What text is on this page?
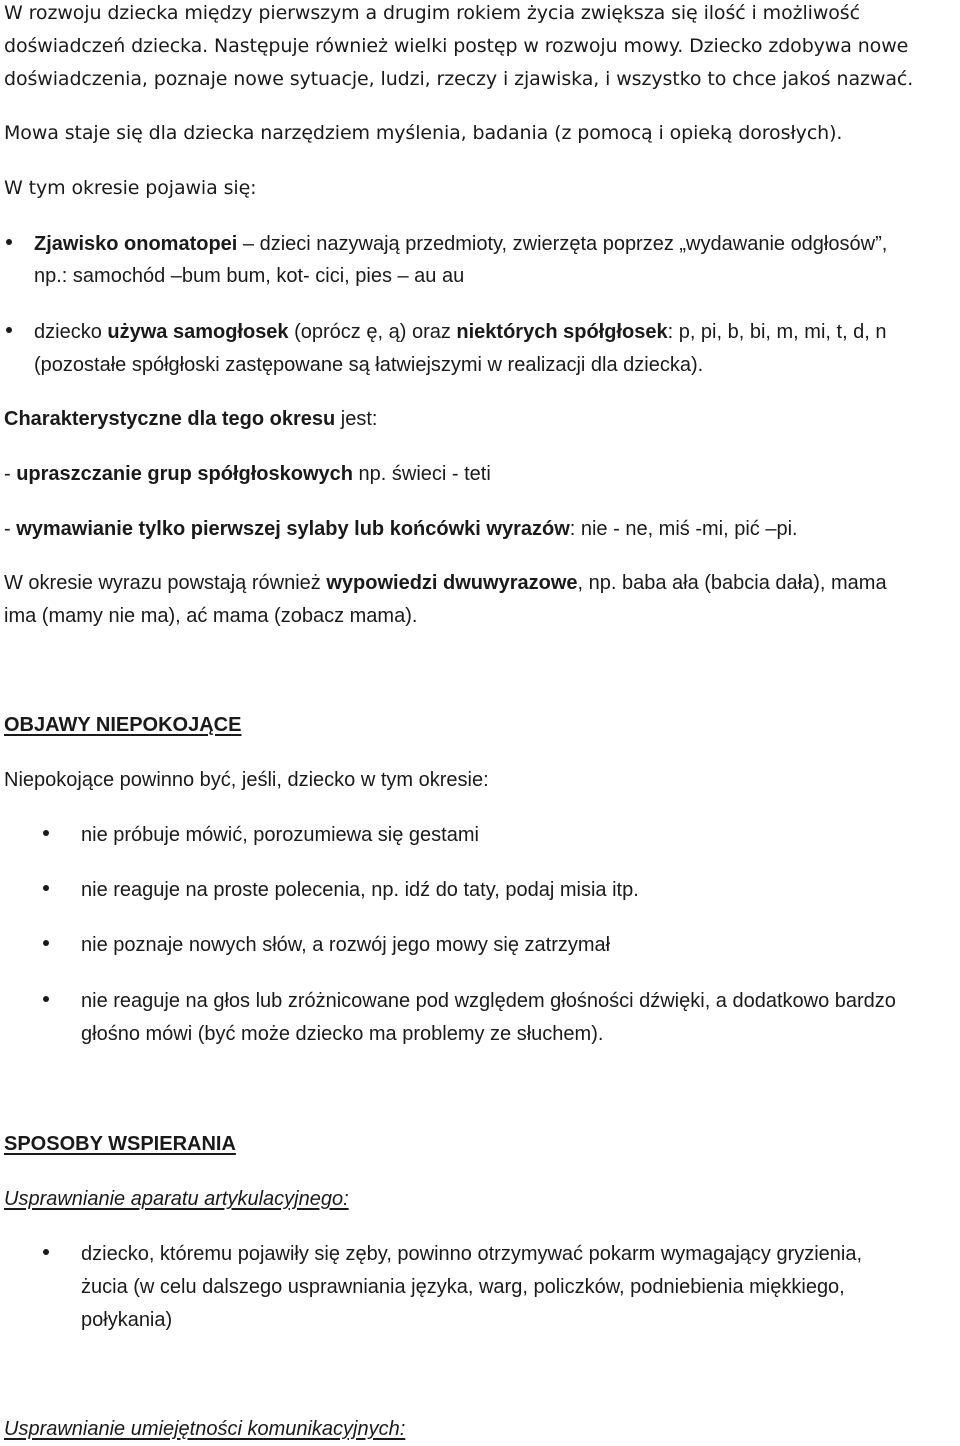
W rozwoju dziecka między pierwszym a drugim rokiem życia zwiększa się ilość i możliwość
doświadczeń dziecka. Następuje również wielki postęp w rozwoju mowy. Dziecko zdobywa nowe
doświadczenia, poznaje nowe sytuacje, ludzi, rzeczy i zjawiska, i wszystko to chce jakoś nazwać.
Mowa staje się dla dziecka narzędziem myślenia, badania (z pomocą i opieką dorosłych).
W tym okresie pojawia się:
Zjawisko onomatopei – dzieci nazywają przedmioty, zwierzęta poprzez „wydawanie odgłosów”,
np.: samochód –bum bum, kot- cici, pies – au au
dziecko używa samogłosek (oprócz ę, ą) oraz niektórych spółgłosek: p, pi, b, bi, m, mi, t, d, n
(pozostałe spółgłoski zastępowane są łatwiejszymi w realizacji dla dziecka).
Charakterystyczne dla tego okresu jest:
- upraszczanie grup spółgłoskowych np. świeci - teti
- wymawianie tylko pierwszej sylaby lub końcówki wyrazów: nie - ne, miś -mi, pić –pi.
W okresie wyrazu powstają również wypowiedzi dwuwyrazowe, np. baba ała (babcia dała), mama
ima (mamy nie ma), ać mama (zobacz mama).
OBJAWY NIEPOKOJĄCE
Niepokojące powinno być, jeśli, dziecko w tym okresie:
nie próbuje mówić, porozumiewa się gestami
nie reaguje na proste polecenia, np. idź do taty, podaj misia itp.
nie poznaje nowych słów, a rozwój jego mowy się zatrzymał
nie reaguje na głos lub zróżnicowane pod względem głośności dźwięki, a dodatkowo bardzo
głośno mówi (być może dziecko ma problemy ze słuchem).
SPOSOBY WSPIERANIA
Usprawnianie aparatu artykulacyjnego:
dziecko, któremu pojawiły się zęby, powinno otrzymywać pokarm wymagający gryzienia,
żucia (w celu dalszego usprawniania języka, warg, policzków, podniebienia miękkiego,
połykania)
Usprawnianie umiejętności komunikacyjnych:
